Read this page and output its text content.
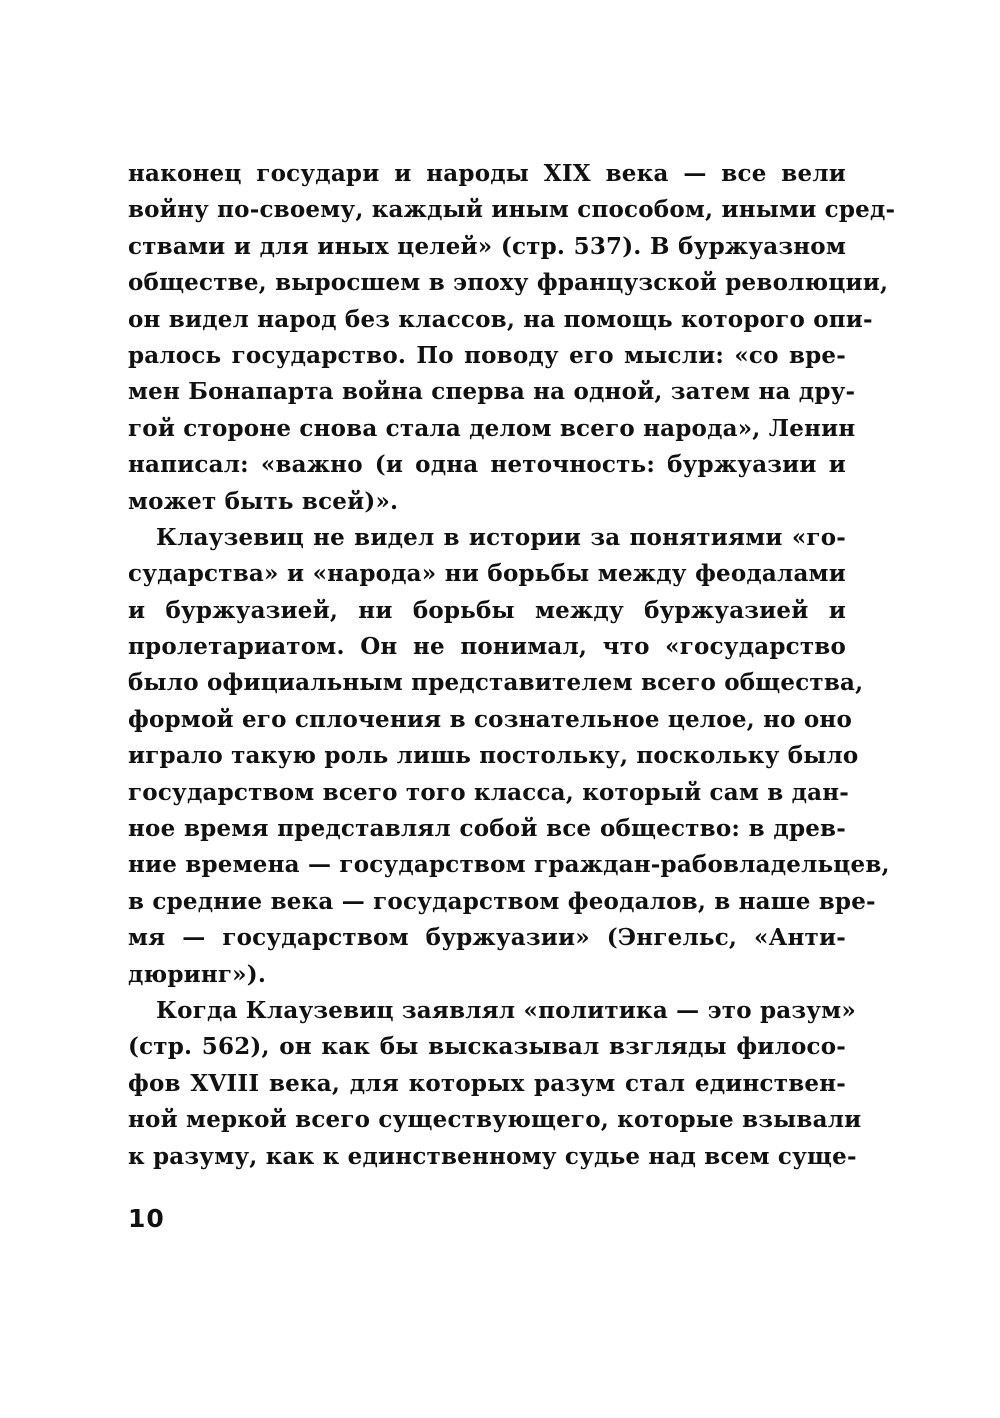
наконец государи и народы XIX века — все вели
войну по-своему, каждый иным способом, иными сред-
ствами и для иных целей» (стр. 537). В буржуазном
обществе, выросшем в эпоху французской революции,
он видел народ без классов, на помощь которого опи-
ралось государство. По поводу его мысли: «со вре-
мен Бонапарта война сперва на одной, затем на дру-
гой стороне снова стала делом всего народа», Ленин
написал: «важно (и одна неточность: буржуазии и
может быть всей)».
Клаузевиц не видел в истории за понятиями «го-
сударства» и «народа» ни борьбы между феодалами
и буржуазией, ни борьбы между буржуазией и
пролетариатом. Он не понимал, что «государство
было официальным представителем всего общества,
формой его сплочения в сознательное целое, но оно
играло такую роль лишь постольку, поскольку было
государством всего того класса, который сам в дан-
ное время представлял собой все общество: в древ-
ние времена — государством граждан-рабовладельцев,
в средние века — государством феодалов, в наше вре-
мя — государством буржуазии» (Энгельс, «Анти-
дюринг»).
Когда Клаузевиц заявлял «политика — это разум»
(стр. 562), он как бы высказывал взгляды филосо-
фов XVIII века, для которых разум стал единствен-
ной меркой всего существующего, которые взывали
к разуму, как к единственному судье над всем суще-
10
